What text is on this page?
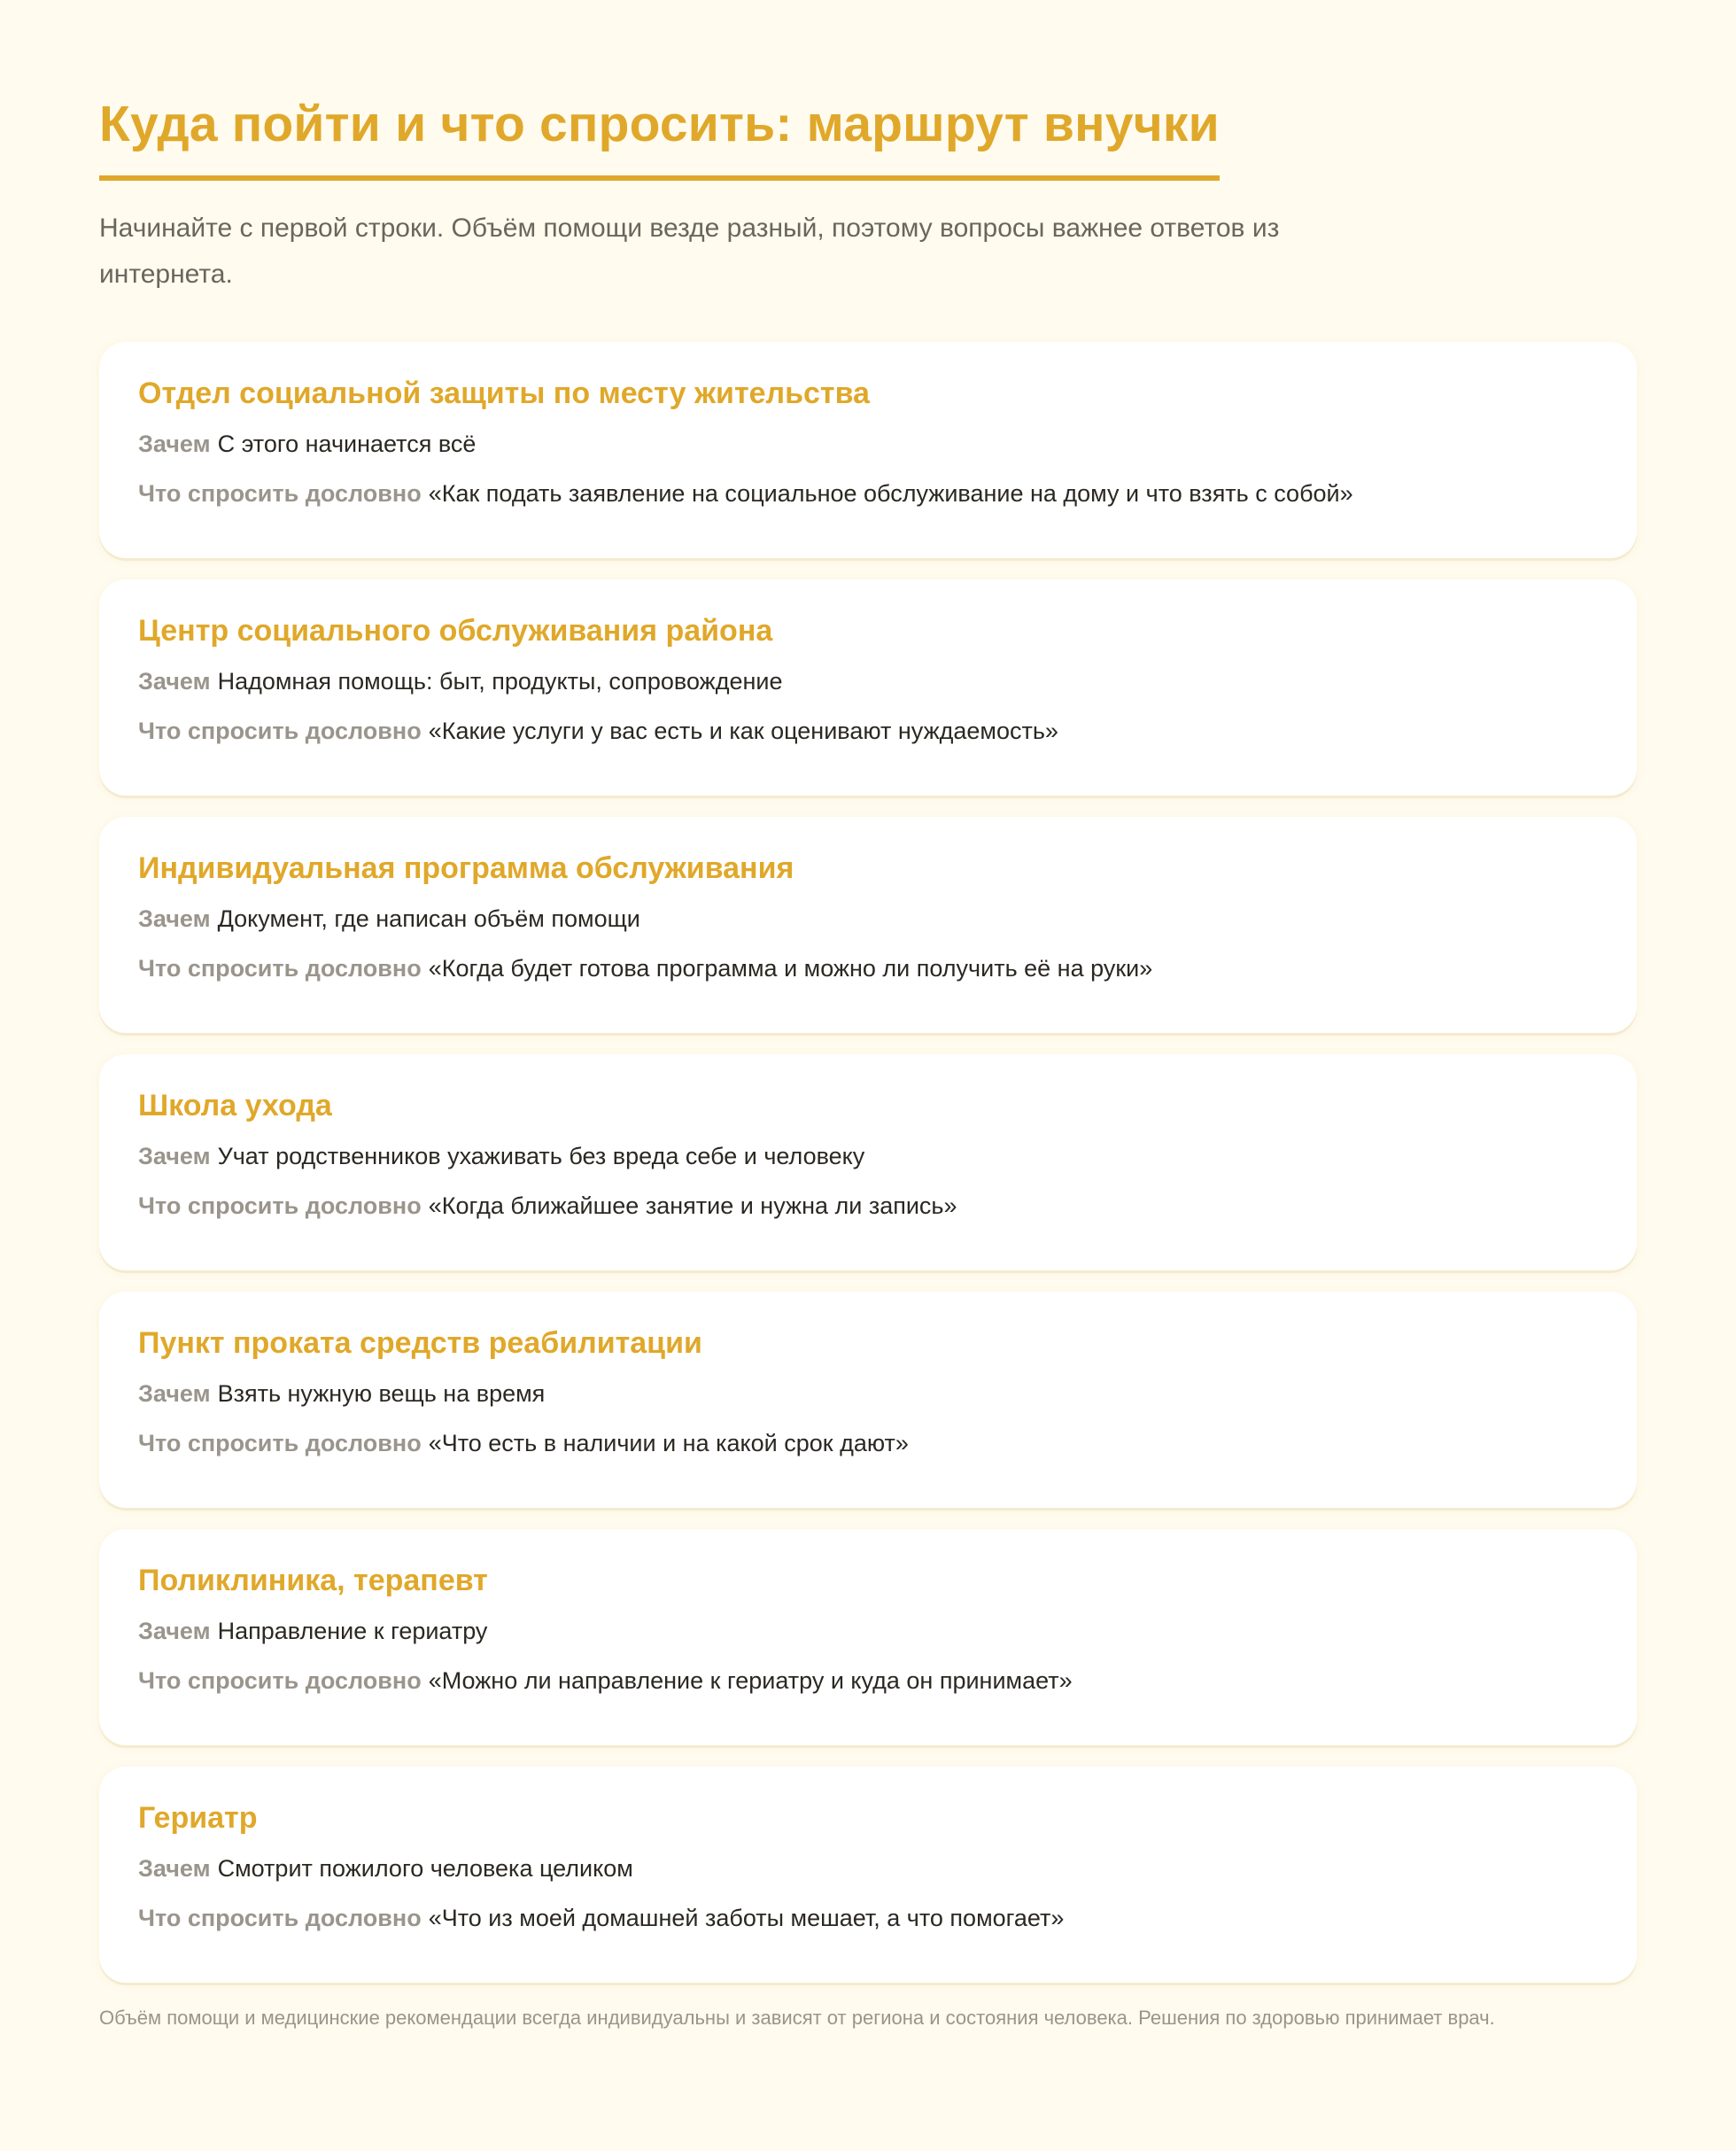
Куда пойти и что спросить: маршрут внучки

Начинайте с первой строки. Объём помощи везде разный, поэтому вопросы важнее ответов из интернета.

Отдел социальной защиты по месту жительства
Зачем С этого начинается всё
Что спросить дословно «Как подать заявление на социальное обслуживание на дому и что взять с собой»
Центр социального обслуживания района
Зачем Надомная помощь: быт, продукты, сопровождение
Что спросить дословно «Какие услуги у вас есть и как оценивают нуждаемость»
Индивидуальная программа обслуживания
Зачем Документ, где написан объём помощи
Что спросить дословно «Когда будет готова программа и можно ли получить её на руки»
Школа ухода
Зачем Учат родственников ухаживать без вреда себе и человеку
Что спросить дословно «Когда ближайшее занятие и нужна ли запись»
Пункт проката средств реабилитации
Зачем Взять нужную вещь на время
Что спросить дословно «Что есть в наличии и на какой срок дают»
Поликлиника, терапевт
Зачем Направление к гериатру
Что спросить дословно «Можно ли направление к гериатру и куда он принимает»
Гериатр
Зачем Смотрит пожилого человека целиком
Что спросить дословно «Что из моей домашней заботы мешает, а что помогает»
Объём помощи и медицинские рекомендации всегда индивидуальны и зависят от региона и состояния человека. Решения по здоровью принимает врач.
